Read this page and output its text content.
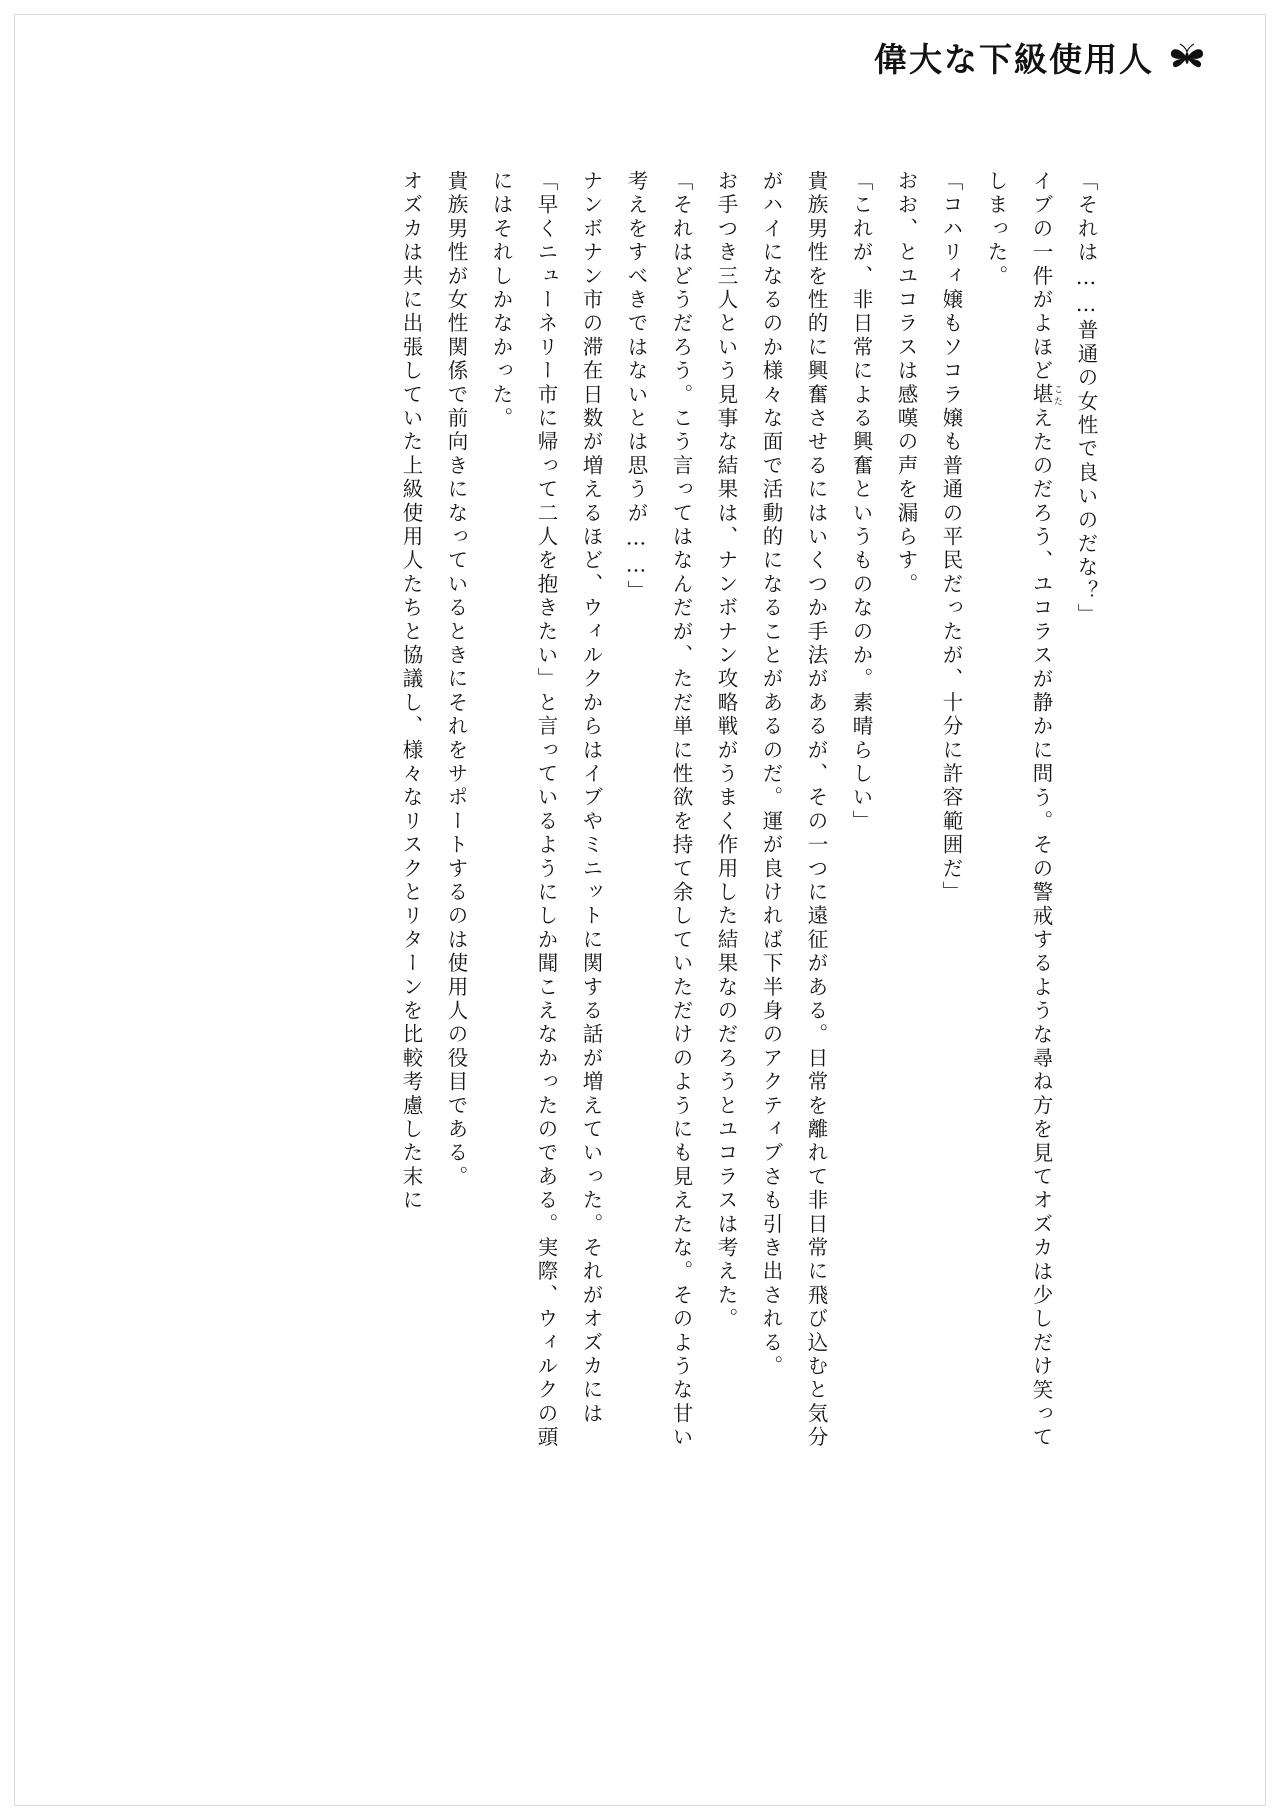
偉大な下級使用人

「それは……普通の女性で良いのだな？」

イブの一件がよほど堪 こたえたのだろう、ユコラスが静かに問う。その警戒するような尋ね方を見てオズカは少しだけ笑ってしまった。

「コハリィ嬢もソコラ嬢も普通の平民だったが、十分に許容範囲だ」

おお、とユコラスは感嘆の声を漏らす。

「これが、非日常による興奮というものなのか。素晴らしい」

貴族男性を性的に興奮させるにはいくつか手法があるが、その一つに遠征がある。日常を離れて非日常に飛び込むと気分がハイになるのか様々な面で活動的になることがあるのだ。運が良ければ下半身のアクティブさも引き出される。

お手つき三人という見事な結果は、ナンボナン攻略戦がうまく作用した結果なのだろうとユコラスは考えた。

「それはどうだろう。こう言ってはなんだが、ただ単に性欲を持て余していただけのようにも見えたな。そのような甘い考えをすべきではないとは思うが……」

ナンボナン市の滞在日数が増えるほど、ウィルクからはイブやミニットに関する話が増えていった。それがオズカには「早くニューネリー市に帰って二人を抱きたい」と言っているようにしか聞こえなかったのである。実際、ウィルクの頭にはそれしかなかった。

貴族男性が女性関係で前向きになっているときにそれをサポートするのは使用人の役目である。

オズカは共に出張していた上級使用人たちと協議し、様々なリスクとリターンを比較考慮した末に
